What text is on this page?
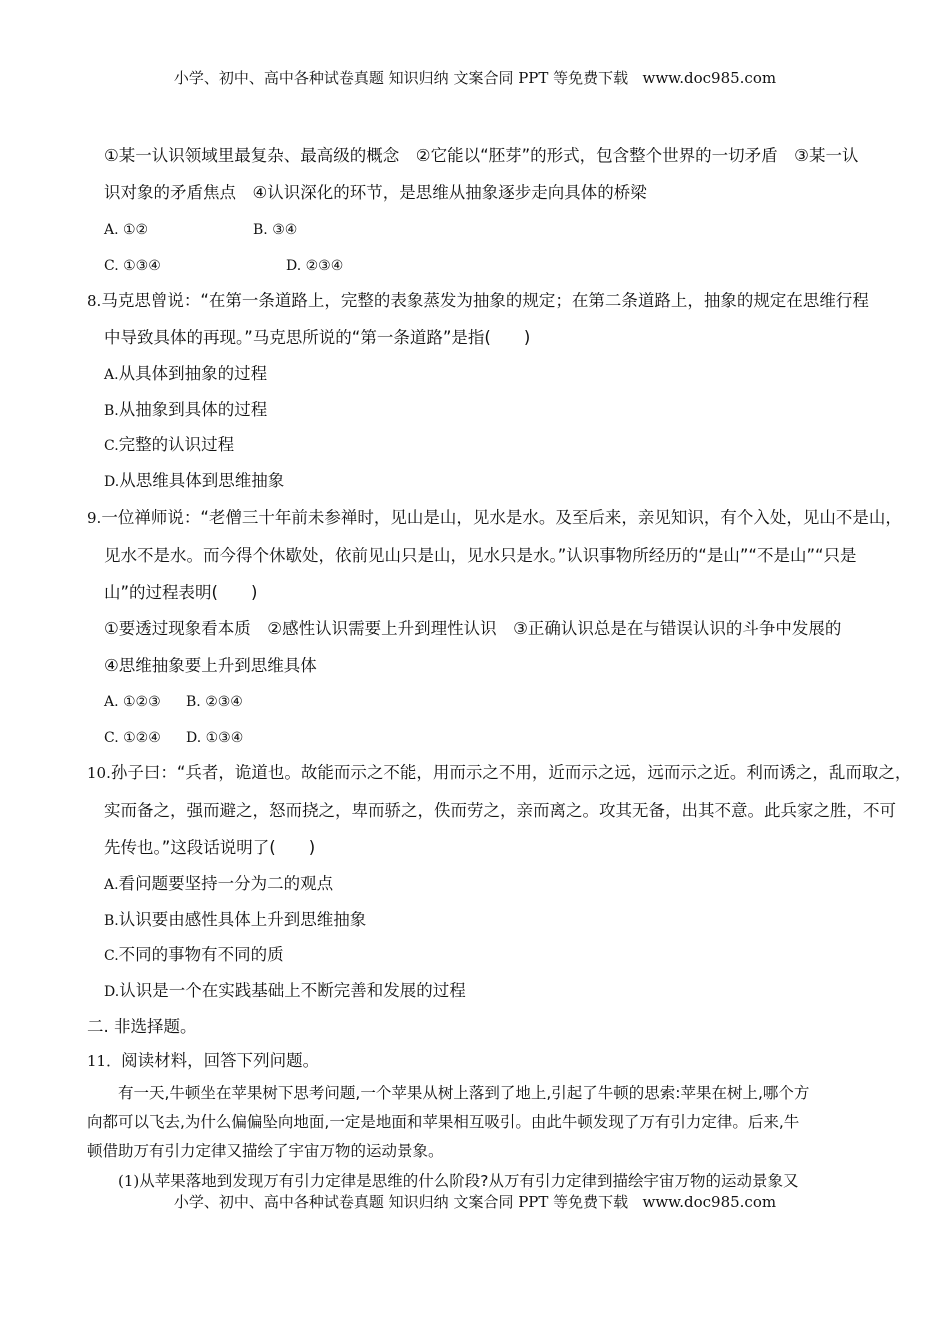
小学、初中、高中各种试卷真题 知识归纳 文案合同 PPT 等免费下载 www.doc985.com
①某一认识领域里最复杂、最高级的概念　②它能以“胚芽”的形式，包含整个世界的一切矛盾　③某一认
识对象的矛盾焦点　④认识深化的环节，是思维从抽象逐步走向具体的桥梁
A. ①②	B. ③④
C. ①③④	D. ②③④
8.马克思曾说：“在第一条道路上，完整的表象蒸发为抽象的规定；在第二条道路上，抽象的规定在思维行程
中导致具体的再现。”马克思所说的“第一条道路”是指(　　)
A.从具体到抽象的过程
B.从抽象到具体的过程
C.完整的认识过程
D.从思维具体到思维抽象
9.一位禅师说：“老僧三十年前未参禅时，见山是山，见水是水。及至后来，亲见知识，有个入处，见山不是山，
见水不是水。而今得个休歇处，依前见山只是山，见水只是水。”认识事物所经历的“是山”“不是山”“只是
山”的过程表明(　　)
①要透过现象看本质　②感性认识需要上升到理性认识　③正确认识总是在与错误认识的斗争中发展的
④思维抽象要上升到思维具体
A. ①②③ B. ②③④
C. ①②④ D. ①③④
10.孙子曰：“兵者，诡道也。故能而示之不能，用而示之不用，近而示之远，远而示之近。利而诱之，乱而取之，
实而备之，强而避之，怒而挠之，卑而骄之，佚而劳之，亲而离之。攻其无备，出其不意。此兵家之胜，不可
先传也。”这段话说明了(　　)
A.看问题要坚持一分为二的观点
B.认识要由感性具体上升到思维抽象
C.不同的事物有不同的质
D.认识是一个在实践基础上不断完善和发展的过程
二. 非选择题。
11．阅读材料，回答下列问题。
有一天,牛顿坐在苹果树下思考问题,一个苹果从树上落到了地上,引起了牛顿的思索:苹果在树上,哪个方
向都可以飞去,为什么偏偏坠向地面,一定是地面和苹果相互吸引。由此牛顿发现了万有引力定律。后来,牛
顿借助万有引力定律又描绘了宇宙万物的运动景象。
(1)从苹果落地到发现万有引力定律是思维的什么阶段?从万有引力定律到描绘宇宙万物的运动景象又
小学、初中、高中各种试卷真题 知识归纳 文案合同 PPT 等免费下载 www.doc985.com
